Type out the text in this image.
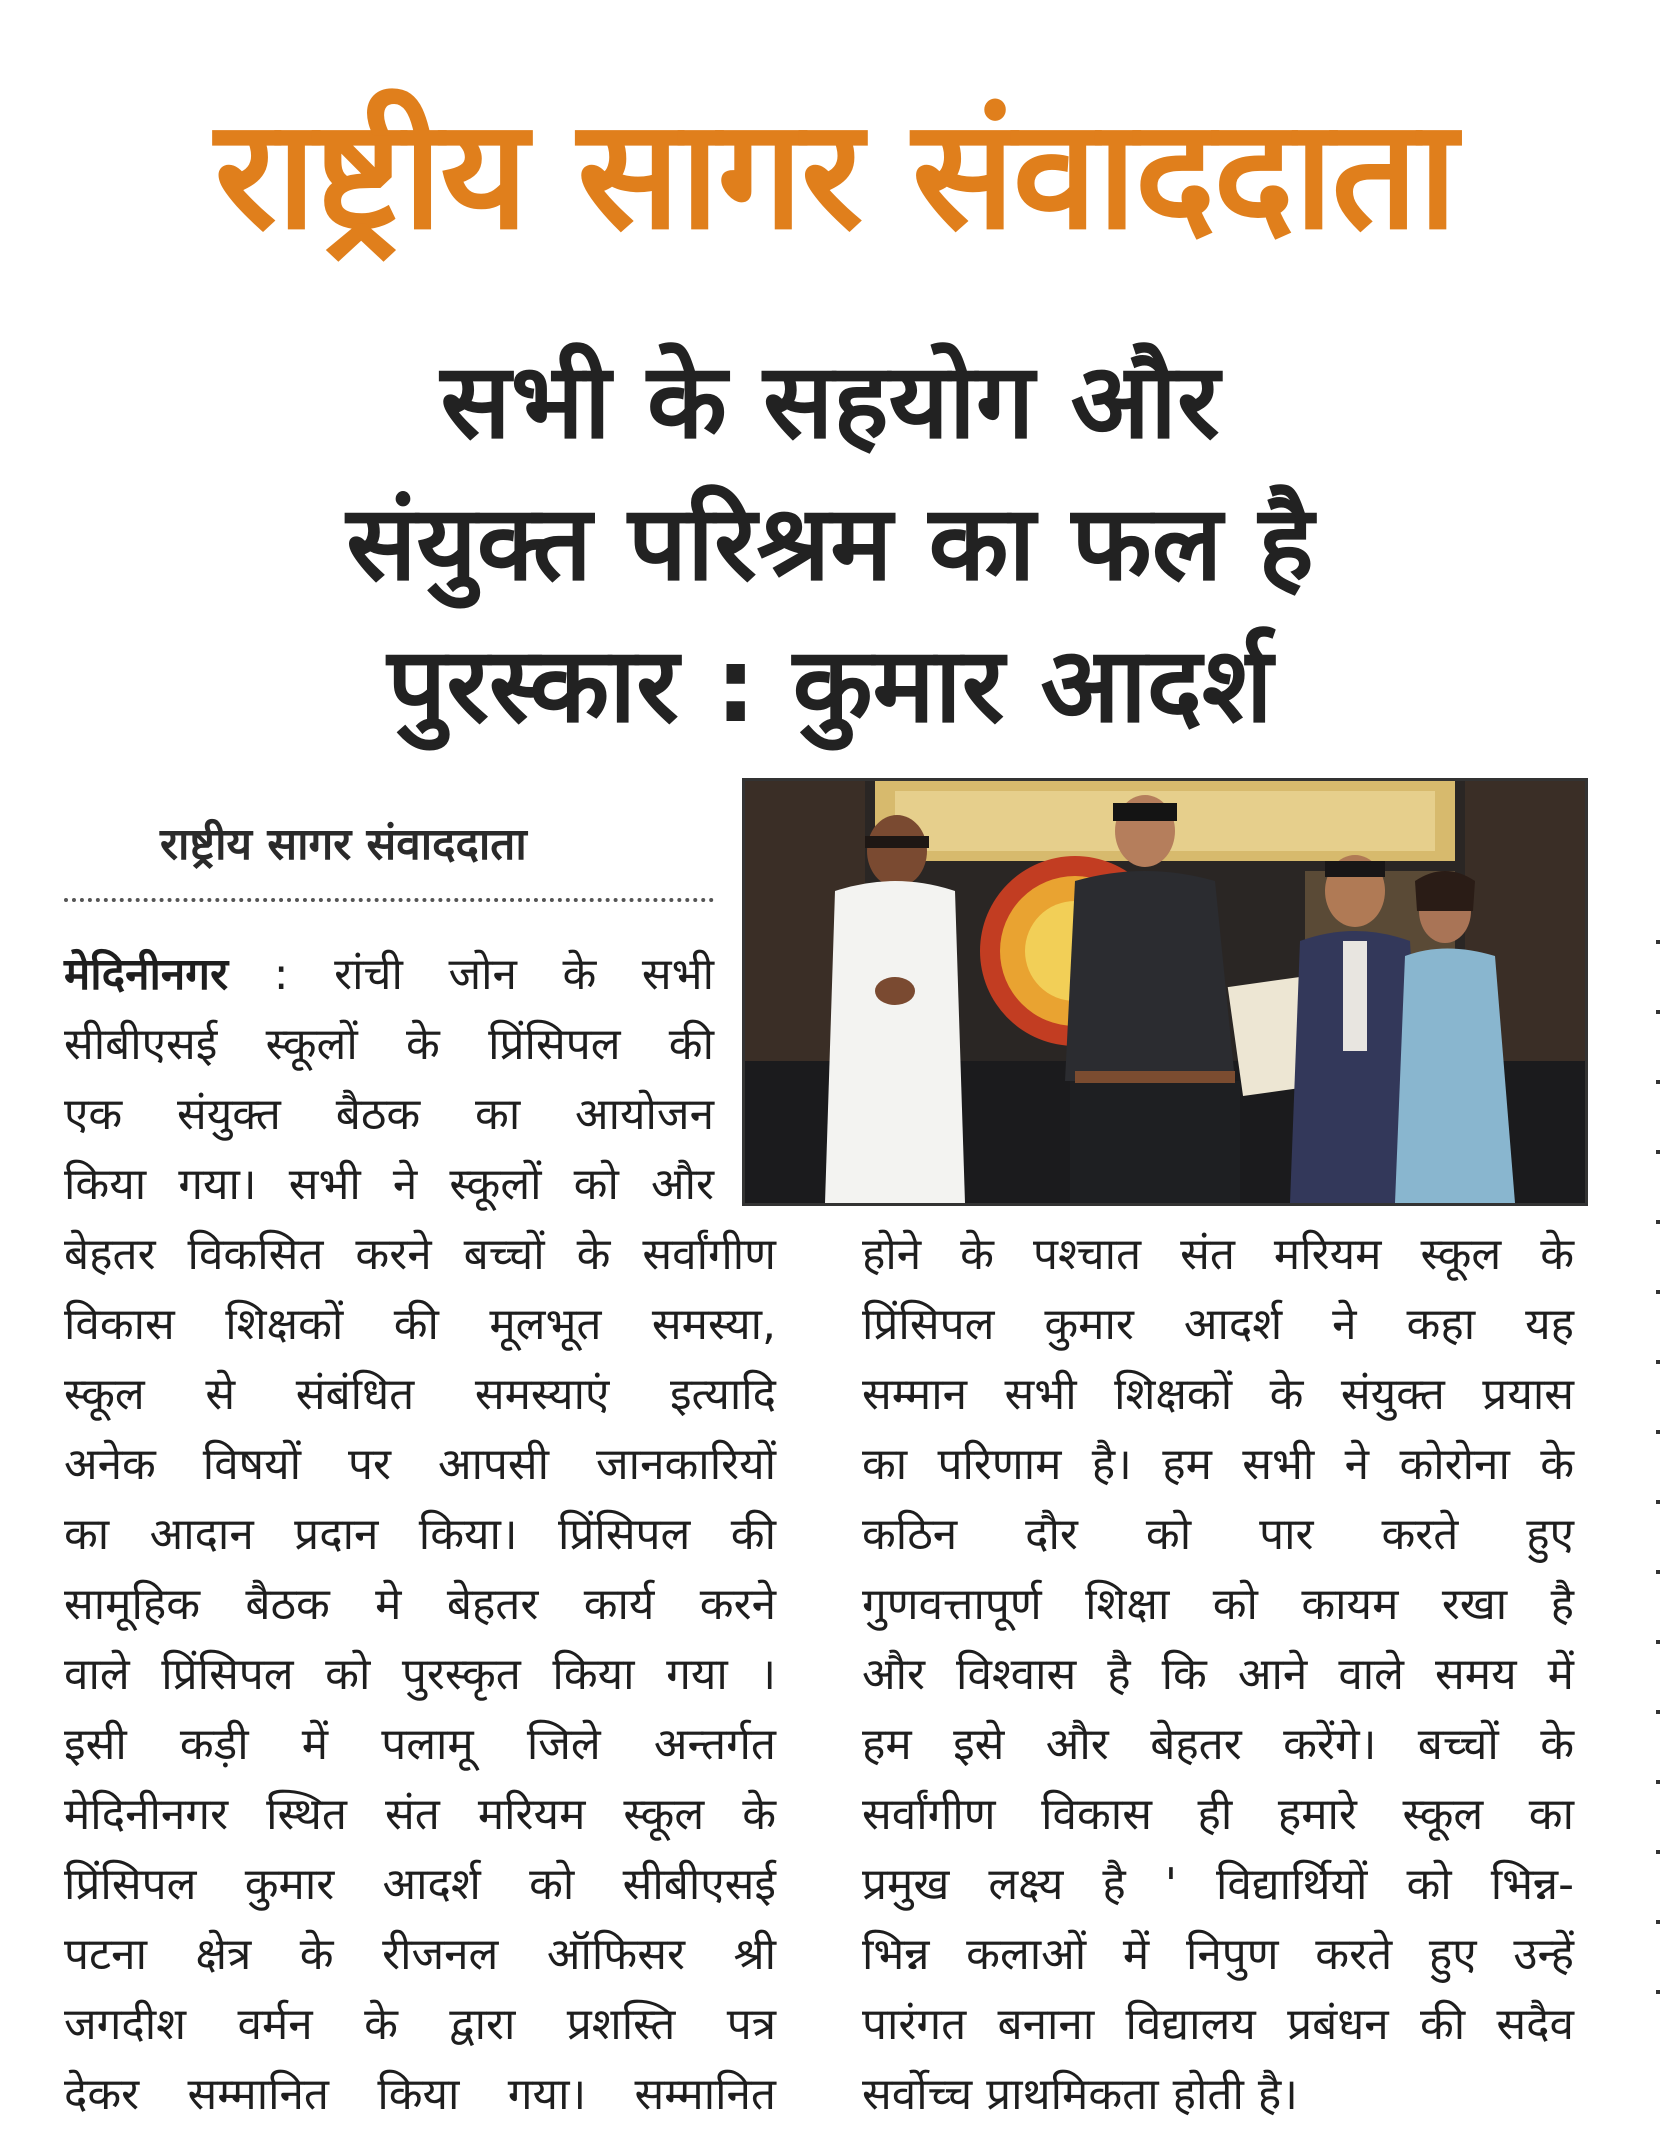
राष्ट्रीय सागर संवाददाता
सभी के सहयोग और
संयुक्त परिश्रम का फल है
पुरस्कार : कुमार आदर्श
राष्ट्रीय सागर संवाददाता
मेदिनीनगर : रांची जोन के सभी
सीबीएसई स्कूलों के प्रिंसिपल की
एक संयुक्त बैठक का आयोजन
किया गया। सभी ने स्कूलों को और
बेहतर विकसित करने बच्चों के सर्वांगीण
विकास शिक्षकों की मूलभूत समस्या,
स्कूल से संबंधित समस्याएं इत्यादि
अनेक विषयों पर आपसी जानकारियों
का आदान प्रदान किया। प्रिंसिपल की
सामूहिक बैठक मे बेहतर कार्य करने
वाले प्रिंसिपल को पुरस्कृत किया गया ।
इसी कड़ी में पलामू जिले अन्तर्गत
मेदिनीनगर स्थित संत मरियम स्कूल के
प्रिंसिपल कुमार आदर्श को सीबीएसई
पटना क्षेत्र के रीजनल ऑफिसर श्री
जगदीश वर्मन के द्वारा प्रशस्ति पत्र
देकर सम्मानित किया गया। सम्मानित
होने के पश्चात संत मरियम स्कूल के
प्रिंसिपल कुमार आदर्श ने कहा यह
सम्मान सभी शिक्षकों के संयुक्त प्रयास
का परिणाम है। हम सभी ने कोरोना के
कठिन दौर को पार करते हुए
गुणवत्तापूर्ण शिक्षा को कायम रखा है
और विश्वास है कि आने वाले समय में
हम इसे और बेहतर करेंगे। बच्चों के
सर्वांगीण विकास ही हमारे स्कूल का
प्रमुख लक्ष्य है ' विद्यार्थियों को भिन्न-
भिन्न कलाओं में निपुण करते हुए उन्हें
पारंगत बनाना विद्यालय प्रबंधन की सदैव
सर्वोच्च प्राथमिकता होती है।
